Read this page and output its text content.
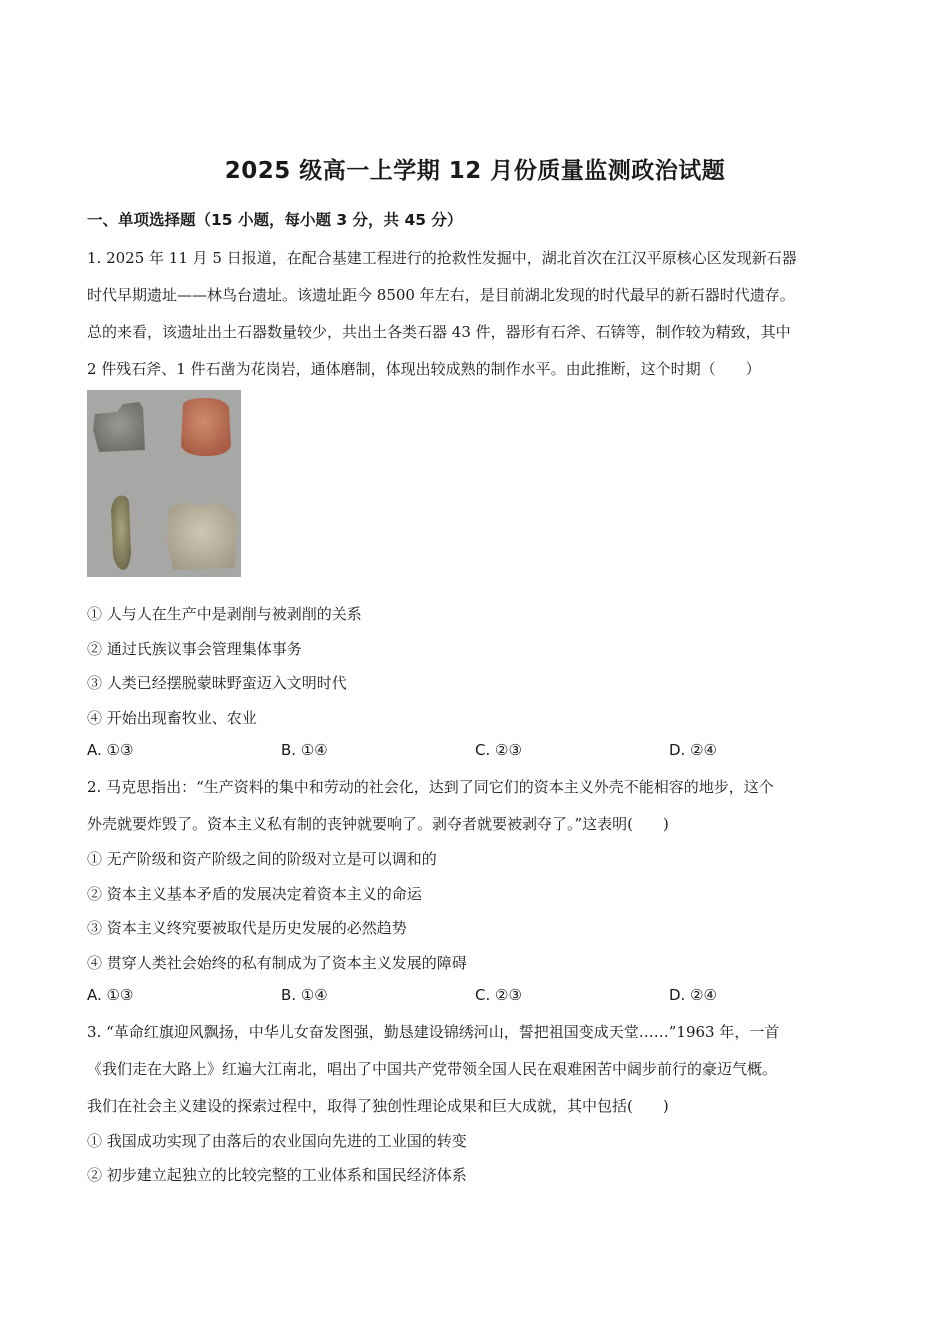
2025 级高一上学期 12 月份质量监测政治试题
一、单项选择题（15 小题，每小题 3 分，共 45 分）
1. 2025 年 11 月 5 日报道，在配合基建工程进行的抢救性发掘中，湖北首次在江汉平原核心区发现新石器
时代早期遗址——林鸟台遗址。该遗址距今 8500 年左右，是目前湖北发现的时代最早的新石器时代遗存。
总的来看，该遗址出土石器数量较少，共出土各类石器 43 件，器形有石斧、石锛等，制作较为精致，其中
2 件残石斧、1 件石凿为花岗岩，通体磨制，体现出较成熟的制作水平。由此推断，这个时期（　　）
① 人与人在生产中是剥削与被剥削的关系
② 通过氏族议事会管理集体事务
③ 人类已经摆脱蒙昧野蛮迈入文明时代
④ 开始出现畜牧业、农业
A. ①③	B. ①④	C. ②③	D. ②④
2. 马克思指出：“生产资料的集中和劳动的社会化，达到了同它们的资本主义外壳不能相容的地步，这个
外壳就要炸毁了。资本主义私有制的丧钟就要响了。剥夺者就要被剥夺了。”这表明(　　)
① 无产阶级和资产阶级之间的阶级对立是可以调和的
② 资本主义基本矛盾的发展决定着资本主义的命运
③ 资本主义终究要被取代是历史发展的必然趋势
④ 贯穿人类社会始终的私有制成为了资本主义发展的障碍
A. ①③	B. ①④	C. ②③	D. ②④
3. “革命红旗迎风飘扬，中华儿女奋发图强，勤恳建设锦绣河山，誓把祖国变成天堂……”1963 年，一首
《我们走在大路上》红遍大江南北，唱出了中国共产党带领全国人民在艰难困苦中阔步前行的豪迈气概。
我们在社会主义建设的探索过程中，取得了独创性理论成果和巨大成就，其中包括(　　)
① 我国成功实现了由落后的农业国向先进的工业国的转变
② 初步建立起独立的比较完整的工业体系和国民经济体系
